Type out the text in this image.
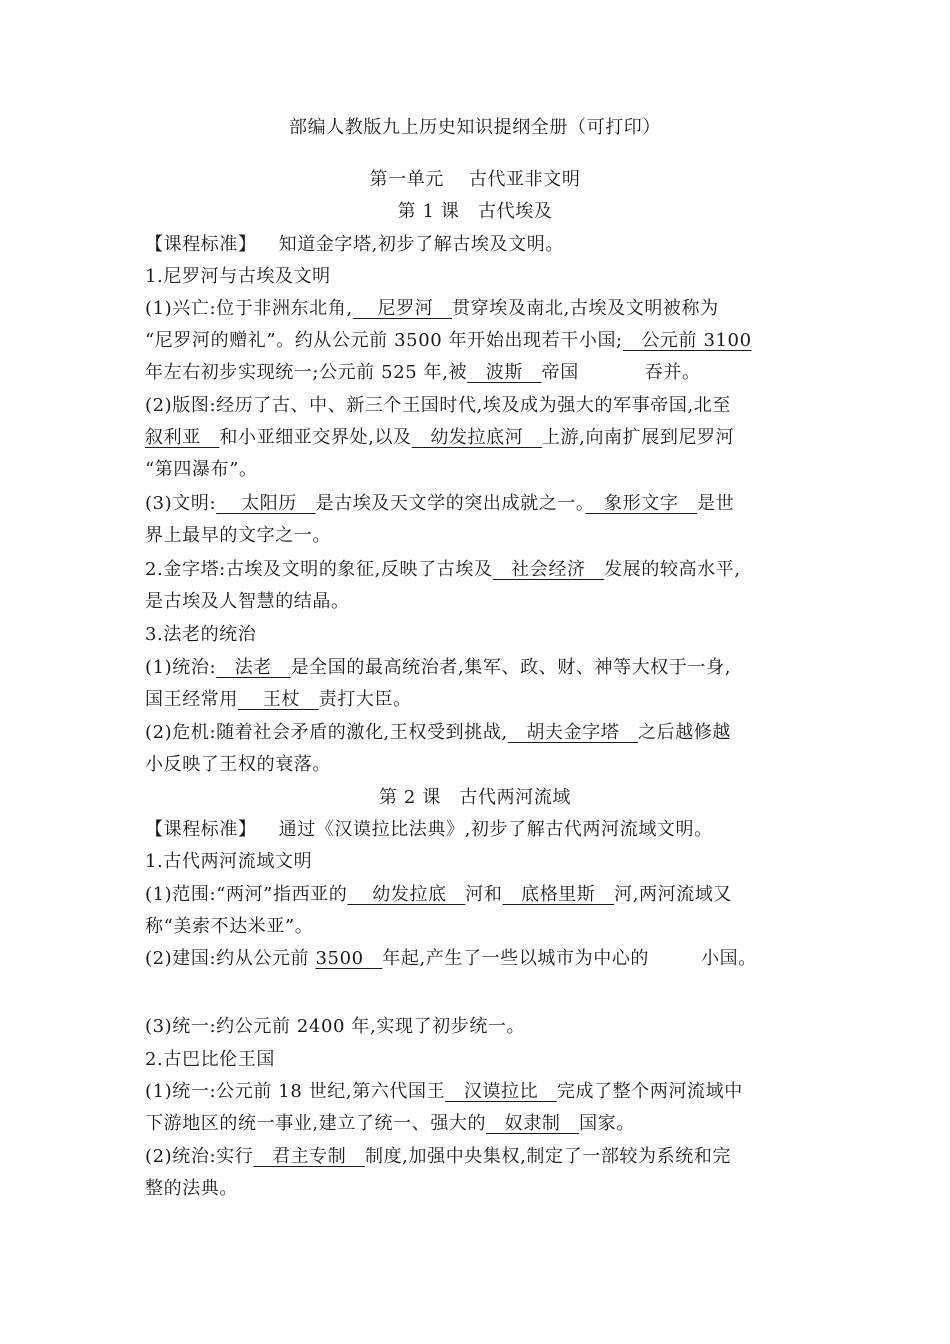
部编人教版九上历史知识提纲全册（可打印）
第一单元　 古代亚非文明
第 1 课　古代埃及
【课程标准】 知道金字塔,初步了解古埃及文明。
1.尼罗河与古埃及文明
(1)兴亡:位于非洲东北角,　 尼罗河　贯穿埃及南北,古埃及文明被称为
“尼罗河的赠礼”。约从公元前 3500 年开始出现若干小国;　公元前 3100
年左右初步实现统一;公元前 525 年,被　波斯　帝国	吞并。
(2)版图:经历了古、中、新三个王国时代,埃及成为强大的军事帝国,北至
叙利亚　和小亚细亚交界处,以及　幼发拉底河　上游,向南扩展到尼罗河
“第四瀑布”。
(3)文明:　 太阳历　是古埃及天文学的突出成就之一。　象形文字　是世
界上最早的文字之一。
2.金字塔:古埃及文明的象征,反映了古埃及　社会经济　发展的较高水平,
是古埃及人智慧的结晶。
3.法老的统治
(1)统治:　法老　是全国的最高统治者,集军、政、财、神等大权于一身,
国王经常用　 王杖　责打大臣。
(2)危机:随着社会矛盾的激化,王权受到挑战,　胡夫金字塔　之后越修越
小反映了王权的衰落。
第 2 课　古代两河流域
【课程标准】 通过《汉谟拉比法典》,初步了解古代两河流域文明。
1.古代两河流域文明
(1)范围:“两河”指西亚的　 幼发拉底　河和　底格里斯　河,两河流域又
称“美索不达米亚”。
(2)建国:约从公元前 3500　年起,产生了一些以城市为中心的	小国。
(3)统一:约公元前 2400 年,实现了初步统一。
2.古巴比伦王国
(1)统一:公元前 18 世纪,第六代国王　汉谟拉比　完成了整个两河流域中
下游地区的统一事业,建立了统一、强大的　奴隶制　国家。
(2)统治:实行　君主专制　制度,加强中央集权,制定了一部较为系统和完
整的法典。
